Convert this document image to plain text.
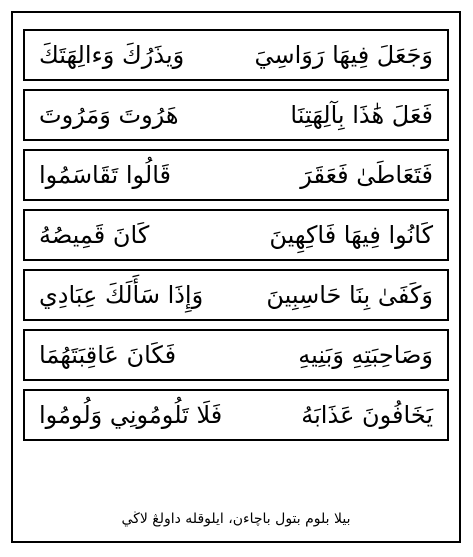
وَيذَرُكَ وَءالِهَتَكَ	وَجَعَلَ فِيهَا رَوَاسِيَ
هَرُوتَ وَمَرُوتَ	فَعَلَ هَٰذَا بِآلِهَتِنَا
قَالُوا تَقَاسَمُوا	فَتَعَاطَىٰ فَعَقَرَ
كَانَ قَمِيصُهُ	كَانُوا فِيهَا فَاكِهِينَ
وَإِذَا سَأَلَكَ عِبَادِي	وَكَفَىٰ بِنَا حَاسِبِينَ
فَكَانَ عَاقِبَتَهُمَا	وَصَاحِبَتِهِ وَبَنِيهِ
فَلَا تَلُومُونِي وَلُومُوا	يَخَافُونَ عَذَابَهُ
بيلا بلوم بتول باچاءن، ايلوقله داولڠ لاڬي
